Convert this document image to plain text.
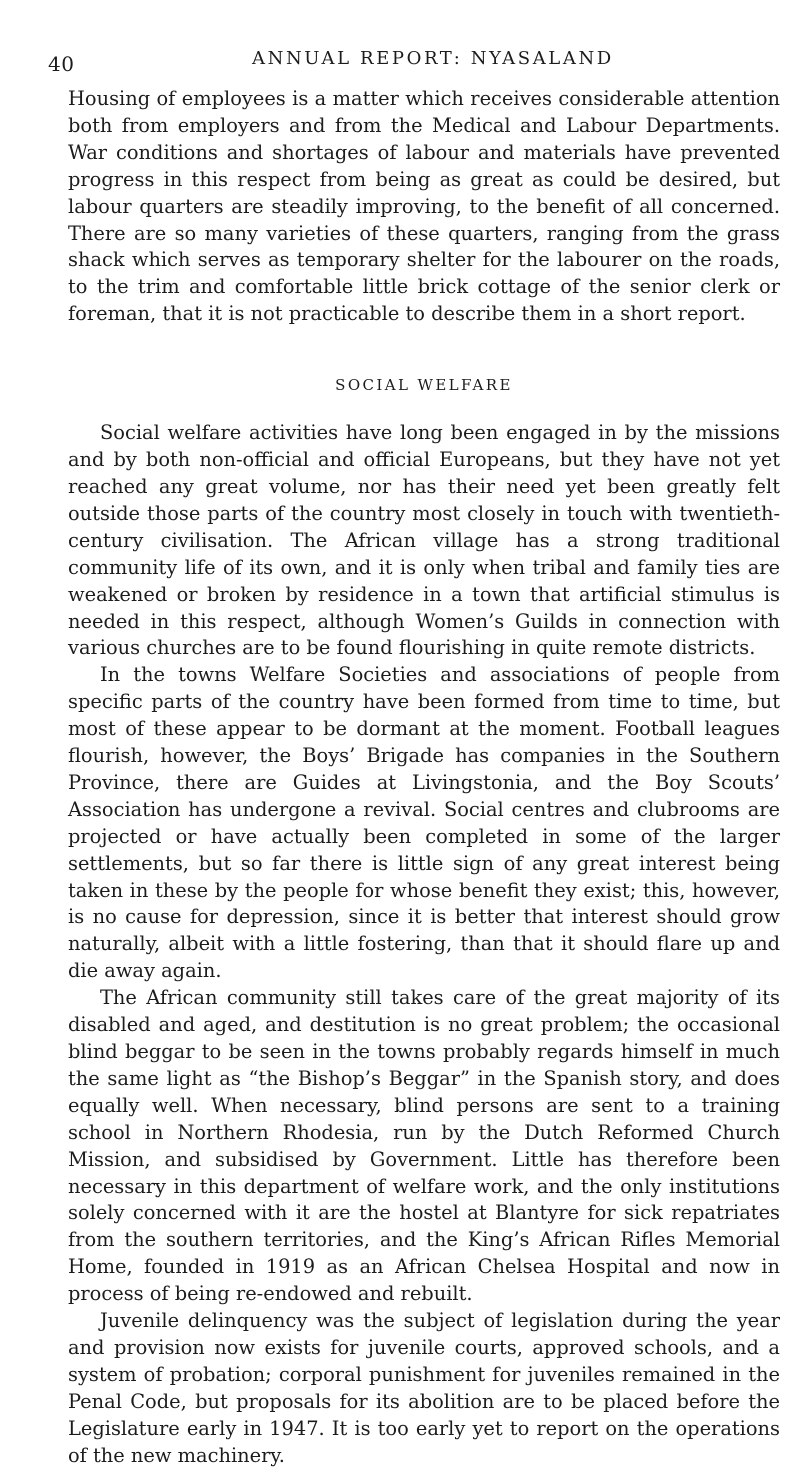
40	ANNUAL REPORT: NYASALAND

Housing of employees is a matter which receives considerable attention both from employers and from the Medical and Labour Departments. War conditions and shortages of labour and materials have prevented progress in this respect from being as great as could be desired, but labour quarters are steadily improving, to the benefit of all concerned. There are so many varieties of these quarters, ranging from the grass shack which serves as temporary shelter for the labourer on the roads, to the trim and comfortable little brick cottage of the senior clerk or foreman, that it is not practicable to describe them in a short report.

SOCIAL WELFARE

Social welfare activities have long been engaged in by the missions and by both non-official and official Europeans, but they have not yet reached any great volume, nor has their need yet been greatly felt outside those parts of the country most closely in touch with twentieth-century civilisation. The African village has a strong traditional community life of its own, and it is only when tribal and family ties are weakened or broken by residence in a town that artificial stimulus is needed in this respect, although Women’s Guilds in connection with various churches are to be found flourishing in quite remote districts.

In the towns Welfare Societies and associations of people from specific parts of the country have been formed from time to time, but most of these appear to be dormant at the moment. Football leagues flourish, however, the Boys’ Brigade has companies in the Southern Province, there are Guides at Livingstonia, and the Boy Scouts’ Association has undergone a revival. Social centres and clubrooms are projected or have actually been completed in some of the larger settlements, but so far there is little sign of any great interest being taken in these by the people for whose benefit they exist; this, however, is no cause for depression, since it is better that interest should grow naturally, albeit with a little fostering, than that it should flare up and die away again.

The African community still takes care of the great majority of its disabled and aged, and destitution is no great problem; the occasional blind beggar to be seen in the towns probably regards himself in much the same light as “the Bishop’s Beggar” in the Spanish story, and does equally well. When necessary, blind persons are sent to a training school in Northern Rhodesia, run by the Dutch Reformed Church Mission, and subsidised by Government. Little has therefore been necessary in this department of welfare work, and the only institutions solely concerned with it are the hostel at Blantyre for sick repatriates from the southern territories, and the King’s African Rifles Memorial Home, founded in 1919 as an African Chelsea Hospital and now in process of being re-endowed and rebuilt.

Juvenile delinquency was the subject of legislation during the year and provision now exists for juvenile courts, approved schools, and a system of probation; corporal punishment for juveniles remained in the Penal Code, but proposals for its abolition are to be placed before the Legislature early in 1947. It is too early yet to report on the operations of the new machinery.
